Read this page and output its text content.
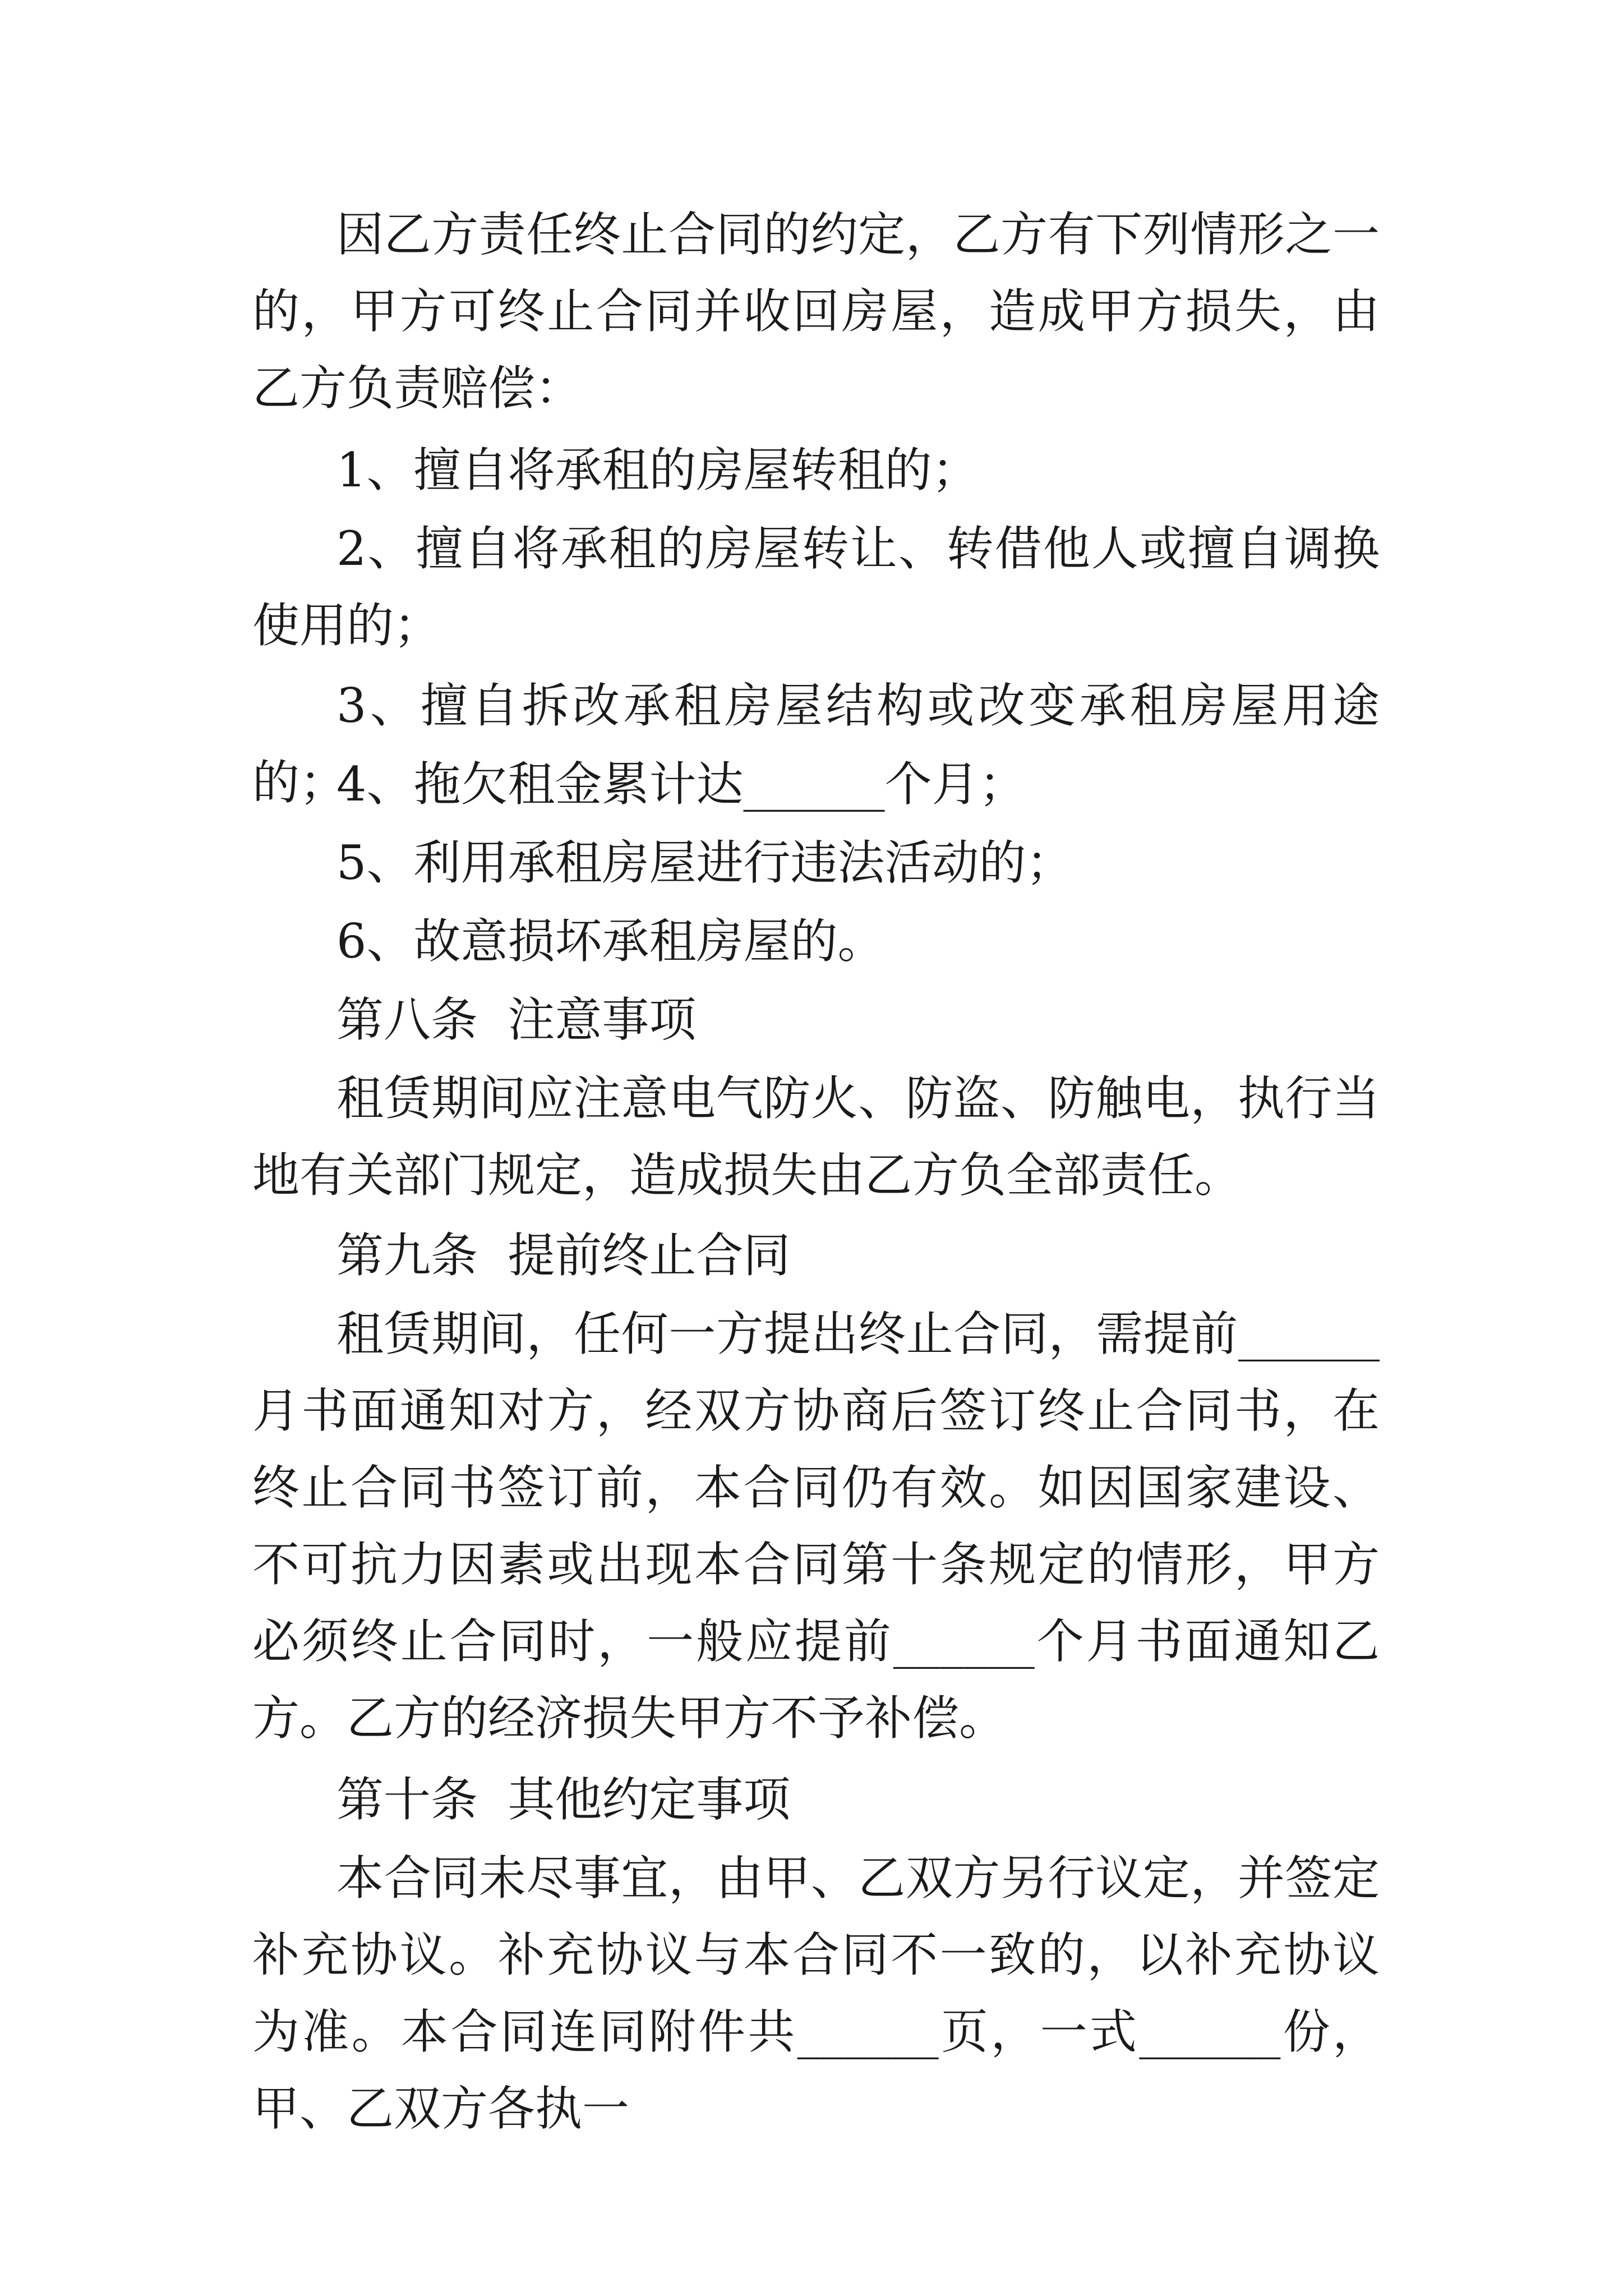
因乙方责任终止合同的约定，乙方有下列情形之一的，甲方可终止合同并收回房屋，造成甲方损失，由乙方负责赔偿：

1、擅自将承租的房屋转租的；

2、擅自将承租的房屋转让、转借他人或擅自调换使用的；

3、擅自拆改承租房屋结构或改变承租房屋用途的；

4、拖欠租金累计达______个月；

5、利用承租房屋进行违法活动的；

6、故意损坏承租房屋的。

第八条  注意事项

租赁期间应注意电气防火、防盗、防触电，执行当地有关部门规定，造成损失由乙方负全部责任。

第九条  提前终止合同

租赁期间，任何一方提出终止合同，需提前______月书面通知对方，经双方协商后签订终止合同书，在终止合同书签订前，本合同仍有效。如因国家建设、不可抗力因素或出现本合同第十条规定的情形，甲方必须终止合同时，一般应提前______个月书面通知乙方。乙方的经济损失甲方不予补偿。

第十条  其他约定事项

本合同未尽事宜，由甲、乙双方另行议定，并签定补充协议。补充协议与本合同不一致的，以补充协议为准。本合同连同附件共______页，一式______份，甲、乙双方各执一
